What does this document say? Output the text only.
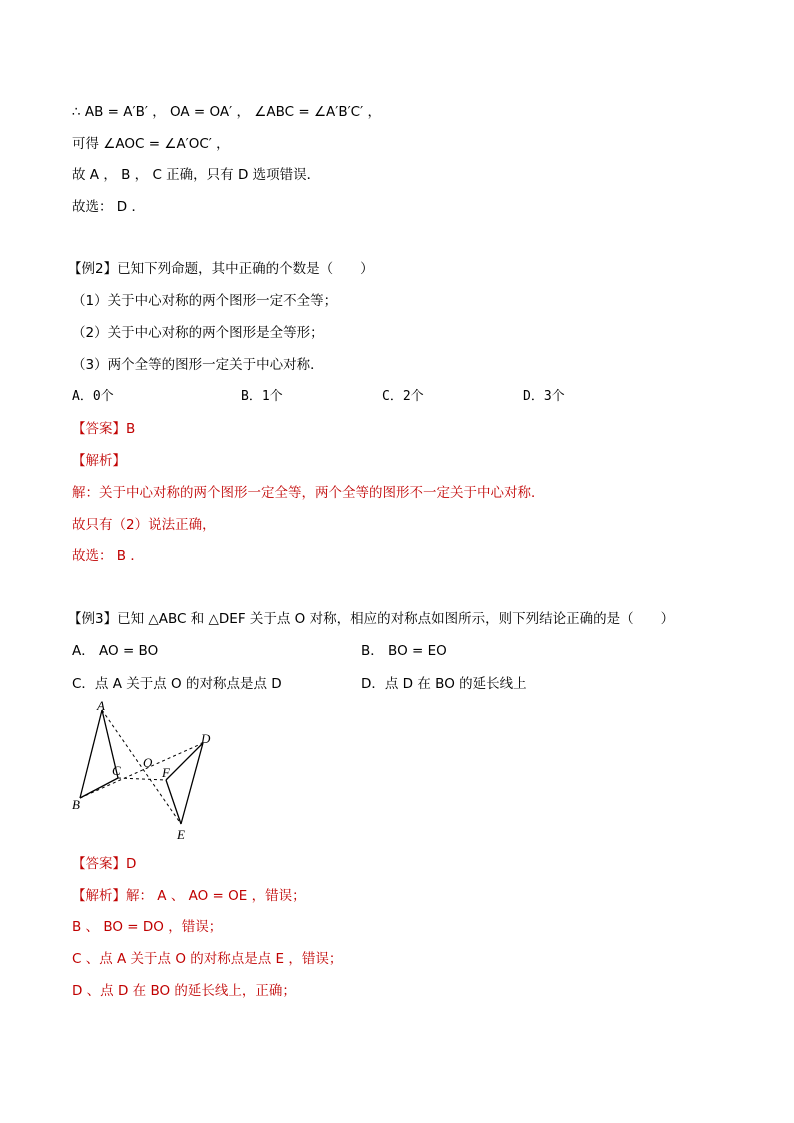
∴ AB = A′B′ ， OA = OA′ ， ∠ABC = ∠A′B′C′ ，
可得 ∠AOC = ∠A′OC′ ，
故 A ， B ， C 正确，只有 D 选项错误．
故选： D ．
【例2】已知下列命题，其中正确的个数是（　　）
（1）关于中心对称的两个图形一定不全等；
（2）关于中心对称的两个图形是全等形；
（3）两个全等的图形一定关于中心对称．
A．0个	B．1个	C．2个	D．3个
【答案】B
【解析】
解：关于中心对称的两个图形一定全等，两个全等的图形不一定关于中心对称．
故只有（2）说法正确，
故选： B ．
【例3】已知 △ABC 和 △DEF 关于点 O 对称，相应的对称点如图所示，则下列结论正确的是（　　）
A． AO = BO	B． BO = EO
C．点 A 关于点 O 的对称点是点 D	D．点 D 在 BO 的延长线上
A
B
C
O
D
F
E
【答案】D
【解析】解： A 、 AO = OE ，错误；
B 、 BO = DO ，错误；
C 、点 A 关于点 O 的对称点是点 E ，错误；
D 、点 D 在 BO 的延长线上，正确；
